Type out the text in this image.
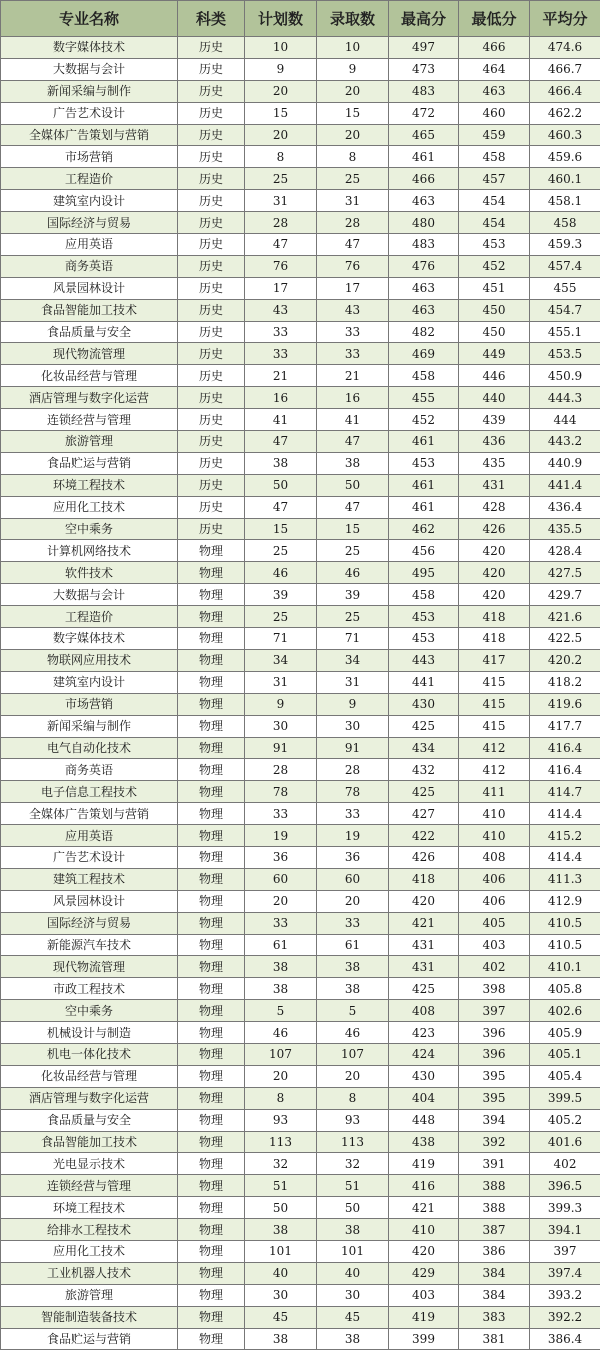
专业名称	科类	计划数	录取数	最高分	最低分	平均分
数字媒体技术	历史	10	10	497	466	474.6
大数据与会计	历史	9	9	473	464	466.7
新闻采编与制作	历史	20	20	483	463	466.4
广告艺术设计	历史	15	15	472	460	462.2
全媒体广告策划与营销	历史	20	20	465	459	460.3
市场营销	历史	8	8	461	458	459.6
工程造价	历史	25	25	466	457	460.1
建筑室内设计	历史	31	31	463	454	458.1
国际经济与贸易	历史	28	28	480	454	458
应用英语	历史	47	47	483	453	459.3
商务英语	历史	76	76	476	452	457.4
风景园林设计	历史	17	17	463	451	455
食品智能加工技术	历史	43	43	463	450	454.7
食品质量与安全	历史	33	33	482	450	455.1
现代物流管理	历史	33	33	469	449	453.5
化妆品经营与管理	历史	21	21	458	446	450.9
酒店管理与数字化运营	历史	16	16	455	440	444.3
连锁经营与管理	历史	41	41	452	439	444
旅游管理	历史	47	47	461	436	443.2
食品贮运与营销	历史	38	38	453	435	440.9
环境工程技术	历史	50	50	461	431	441.4
应用化工技术	历史	47	47	461	428	436.4
空中乘务	历史	15	15	462	426	435.5
计算机网络技术	物理	25	25	456	420	428.4
软件技术	物理	46	46	495	420	427.5
大数据与会计	物理	39	39	458	420	429.7
工程造价	物理	25	25	453	418	421.6
数字媒体技术	物理	71	71	453	418	422.5
物联网应用技术	物理	34	34	443	417	420.2
建筑室内设计	物理	31	31	441	415	418.2
市场营销	物理	9	9	430	415	419.6
新闻采编与制作	物理	30	30	425	415	417.7
电气自动化技术	物理	91	91	434	412	416.4
商务英语	物理	28	28	432	412	416.4
电子信息工程技术	物理	78	78	425	411	414.7
全媒体广告策划与营销	物理	33	33	427	410	414.4
应用英语	物理	19	19	422	410	415.2
广告艺术设计	物理	36	36	426	408	414.4
建筑工程技术	物理	60	60	418	406	411.3
风景园林设计	物理	20	20	420	406	412.9
国际经济与贸易	物理	33	33	421	405	410.5
新能源汽车技术	物理	61	61	431	403	410.5
现代物流管理	物理	38	38	431	402	410.1
市政工程技术	物理	38	38	425	398	405.8
空中乘务	物理	5	5	408	397	402.6
机械设计与制造	物理	46	46	423	396	405.9
机电一体化技术	物理	107	107	424	396	405.1
化妆品经营与管理	物理	20	20	430	395	405.4
酒店管理与数字化运营	物理	8	8	404	395	399.5
食品质量与安全	物理	93	93	448	394	405.2
食品智能加工技术	物理	113	113	438	392	401.6
光电显示技术	物理	32	32	419	391	402
连锁经营与管理	物理	51	51	416	388	396.5
环境工程技术	物理	50	50	421	388	399.3
给排水工程技术	物理	38	38	410	387	394.1
应用化工技术	物理	101	101	420	386	397
工业机器人技术	物理	40	40	429	384	397.4
旅游管理	物理	30	30	403	384	393.2
智能制造装备技术	物理	45	45	419	383	392.2
食品贮运与营销	物理	38	38	399	381	386.4
